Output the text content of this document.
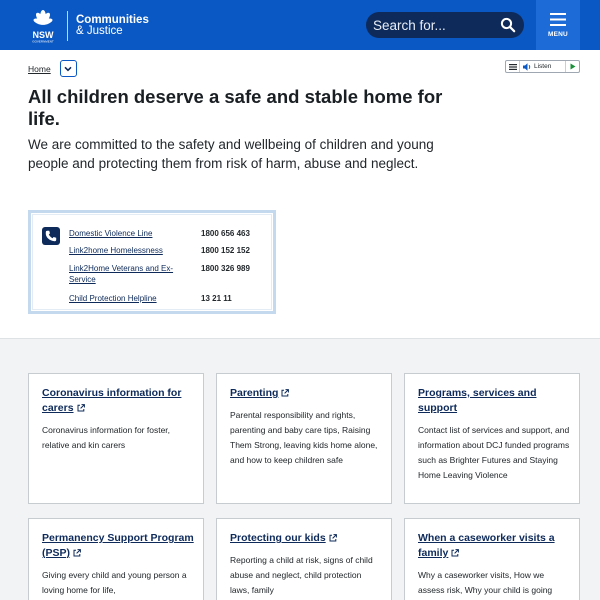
NSW
GOVERNMENT
Communities
& Justice
Search for...	MENU
Home	Listen
All children deserve a safe and stable home for life.

We are committed to the safety and wellbeing of children and young people and protecting them from risk of harm, abuse and neglect.

Domestic Violence Line	1800 656 463
Link2home Homelessness	1800 152 152
Link2Home Veterans and Ex-Service
1800 326 989
Child Protection Helpline	13 21 11
Coronavirus information for carers
Coronavirus information for foster, relative and kin carers
Parenting
Parental responsibility and rights, parenting and baby care tips, Raising Them Strong, leaving kids home alone, and how to keep children safe
Programs, services and support
Contact list of services and support, and information about DCJ funded programs such as Brighter Futures and Staying Home Leaving Violence
Permanency Support Program (PSP)
Giving every child and young person a loving home for life,
Protecting our kids
Reporting a child at risk, signs of child abuse and neglect, child protection laws, family
When a caseworker visits a family
Why a caseworker visits, How we assess risk, Why your child is going
